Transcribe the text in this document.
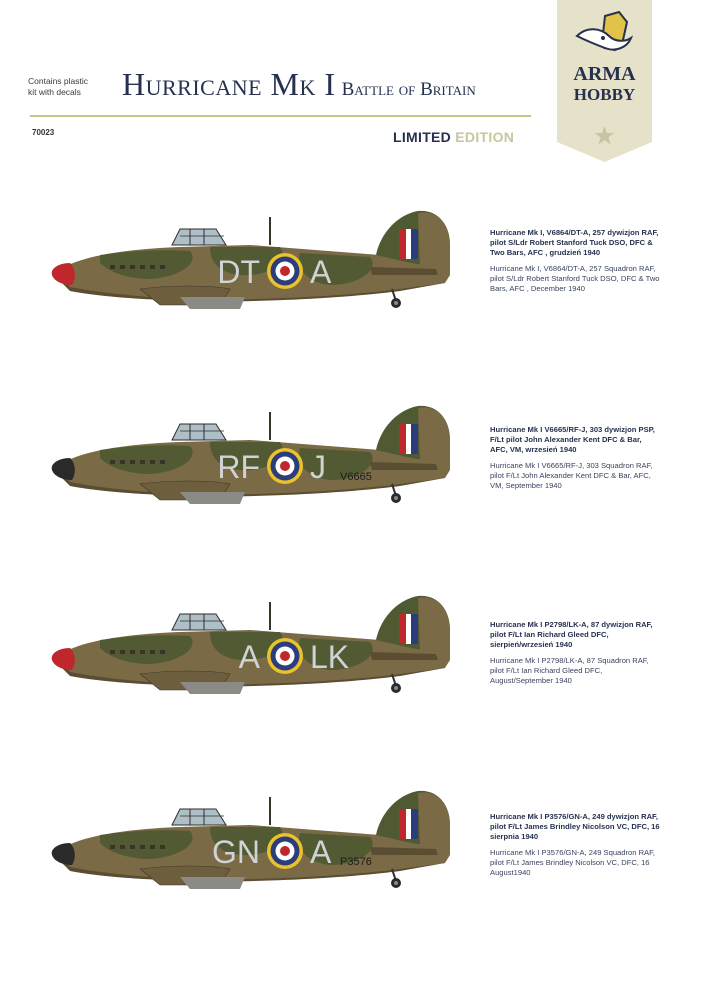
Contains plastic kit with decals
70023
Hurricane Mk I Battle of Britain
LIMITED EDITION
ARMA
HOBBY
DT A

Hurricane Mk I, V6864/DT-A, 257 dywizjon RAF, pilot S/Ldr Robert Stanford Tuck DSO, DFC & Two Bars, AFC , grudzień 1940

Hurricane Mk I, V6864/DT-A, 257 Squadron RAF, pilot S/Ldr Robert Stanford Tuck DSO, DFC & Two Bars, AFC , December 1940

RF J V6665

Hurricane Mk I V6665/RF-J, 303 dywizjon PSP, F/Lt pilot John Alexander Kent DFC & Bar, AFC, VM, wrzesień 1940

Hurricane Mk I V6665/RF-J, 303 Squadron RAF, pilot F/Lt John Alexander Kent DFC & Bar, AFC, VM, September 1940

A LK

Hurricane Mk I P2798/LK-A, 87 dywizjon RAF, pilot F/Lt Ian Richard Gleed DFC, sierpień/wrzesień 1940

Hurricane Mk I P2798/LK-A, 87 Squadron RAF, pilot F/Lt Ian Richard Gleed DFC, August/September 1940

GN A P3576

Hurricane Mk I P3576/GN-A, 249 dywizjon RAF, pilot F/Lt James Brindley Nicolson VC, DFC, 16 sierpnia 1940

Hurricane Mk I P3576/GN-A, 249 Squadron RAF, pilot F/Lt James Brindley Nicolson VC, DFC, 16 August1940
